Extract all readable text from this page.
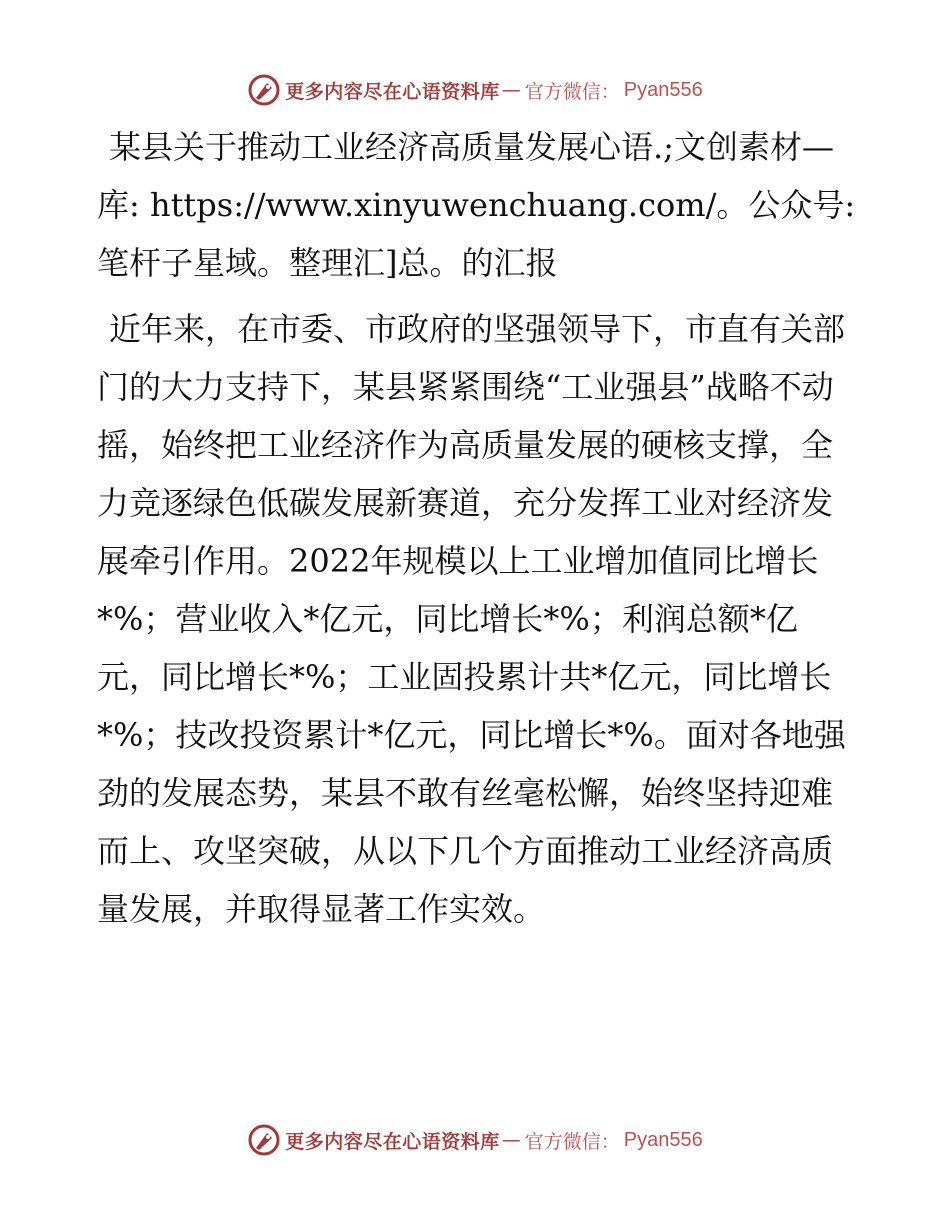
更多内容尽在心语资料库 — 官方微信： Pyan556

某县关于推动工业经济高质量发展心语.;文创素材—库: https://www.xinyuwenchuang.com/。公众号: 笔杆子星域。整理汇]总。的汇报

近年来，在市委、市政府的坚强领导下，市直有关部门的大力支持下，某县紧紧围绕“工业强县”战略不动摇，始终把工业经济作为高质量发展的硬核支撑，全力竞逐绿色低碳发展新赛道，充分发挥工业对经济发展牵引作用。2022年规模以上工业增加值同比增长*%；营业收入*亿元，同比增长*%；利润总额*亿元，同比增长*%；工业固投累计共*亿元，同比增长*%；技改投资累计*亿元，同比增长*%。面对各地强劲的发展态势，某县不敢有丝毫松懈，始终坚持迎难而上、攻坚突破，从以下几个方面推动工业经济高质量发展，并取得显著工作实效。

更多内容尽在心语资料库 — 官方微信： Pyan556
